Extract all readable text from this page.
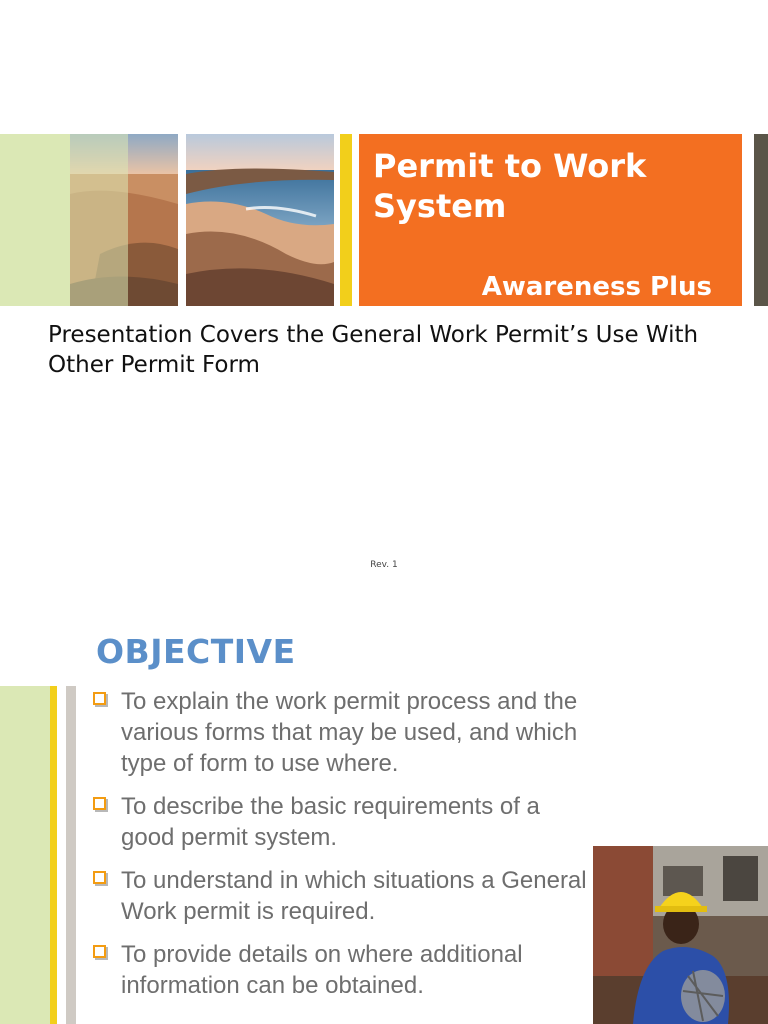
Permit to Work System
Awareness Plus
Presentation Covers the General Work Permit’s Use With Other Permit Form
Rev. 1
OBJECTIVE
To explain the work permit process and the various forms that may be used, and which type of form to use where.
To describe the basic requirements of a good permit system.
To understand in which situations a General Work permit is required.
To provide details on where additional information can be obtained.
